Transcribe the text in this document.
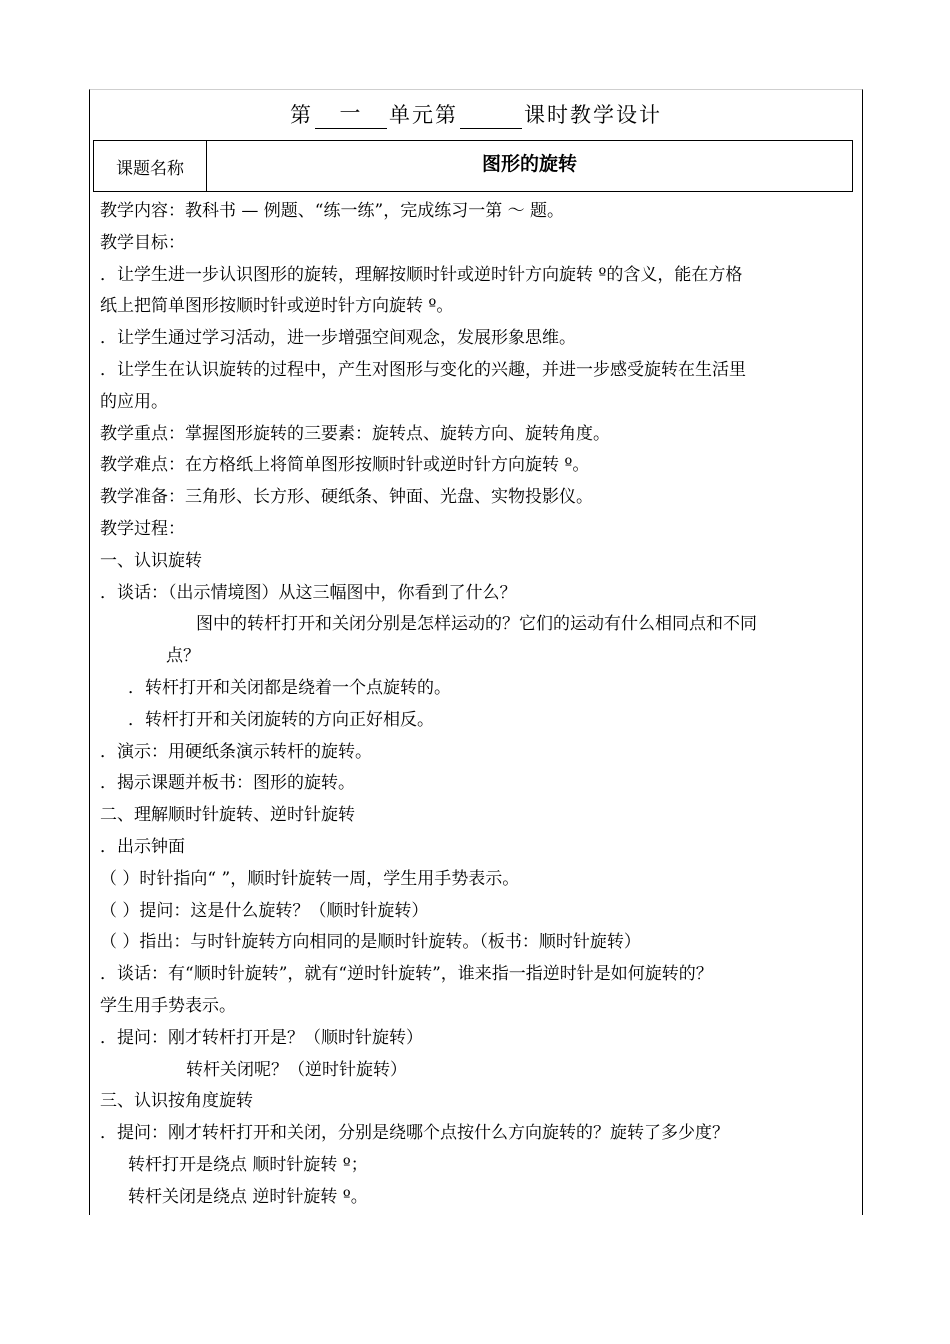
第	一	单元第	课时教学设计
课题名称	图形的旋转
教学内容：教科书 — 例题、“练一练”，完成练习一第 ～ 题。
教学目标：
．让学生进一步认识图形的旋转，理解按顺时针或逆时针方向旋转 º的含义，能在方格
纸上把简单图形按顺时针或逆时针方向旋转 º。
．让学生通过学习活动，进一步增强空间观念，发展形象思维。
．让学生在认识旋转的过程中，产生对图形与变化的兴趣，并进一步感受旋转在生活里
的应用。
教学重点：掌握图形旋转的三要素：旋转点、旋转方向、旋转角度。
教学难点：在方格纸上将简单图形按顺时针或逆时针方向旋转 º。
教学准备：三角形、长方形、硬纸条、钟面、光盘、实物投影仪。
教学过程：
一、认识旋转
．谈话：（出示情境图）从这三幅图中，你看到了什么？
图中的转杆打开和关闭分别是怎样运动的？它们的运动有什么相同点和不同
点？
．转杆打开和关闭都是绕着一个点旋转的。
．转杆打开和关闭旋转的方向正好相反。
．演示：用硬纸条演示转杆的旋转。
．揭示课题并板书：图形的旋转。
二、理解顺时针旋转、逆时针旋转
．出示钟面
（ ）时针指向“ ”，顺时针旋转一周，学生用手势表示。
（ ）提问：这是什么旋转？（顺时针旋转）
（ ）指出：与时针旋转方向相同的是顺时针旋转。（板书：顺时针旋转）
．谈话：有“顺时针旋转”，就有“逆时针旋转”，谁来指一指逆时针是如何旋转的？
学生用手势表示。
．提问：刚才转杆打开是？（顺时针旋转）
转杆关闭呢？（逆时针旋转）
三、认识按角度旋转
．提问：刚才转杆打开和关闭，分别是绕哪个点按什么方向旋转的？旋转了多少度？
转杆打开是绕点 顺时针旋转 º；
转杆关闭是绕点 逆时针旋转 º。
